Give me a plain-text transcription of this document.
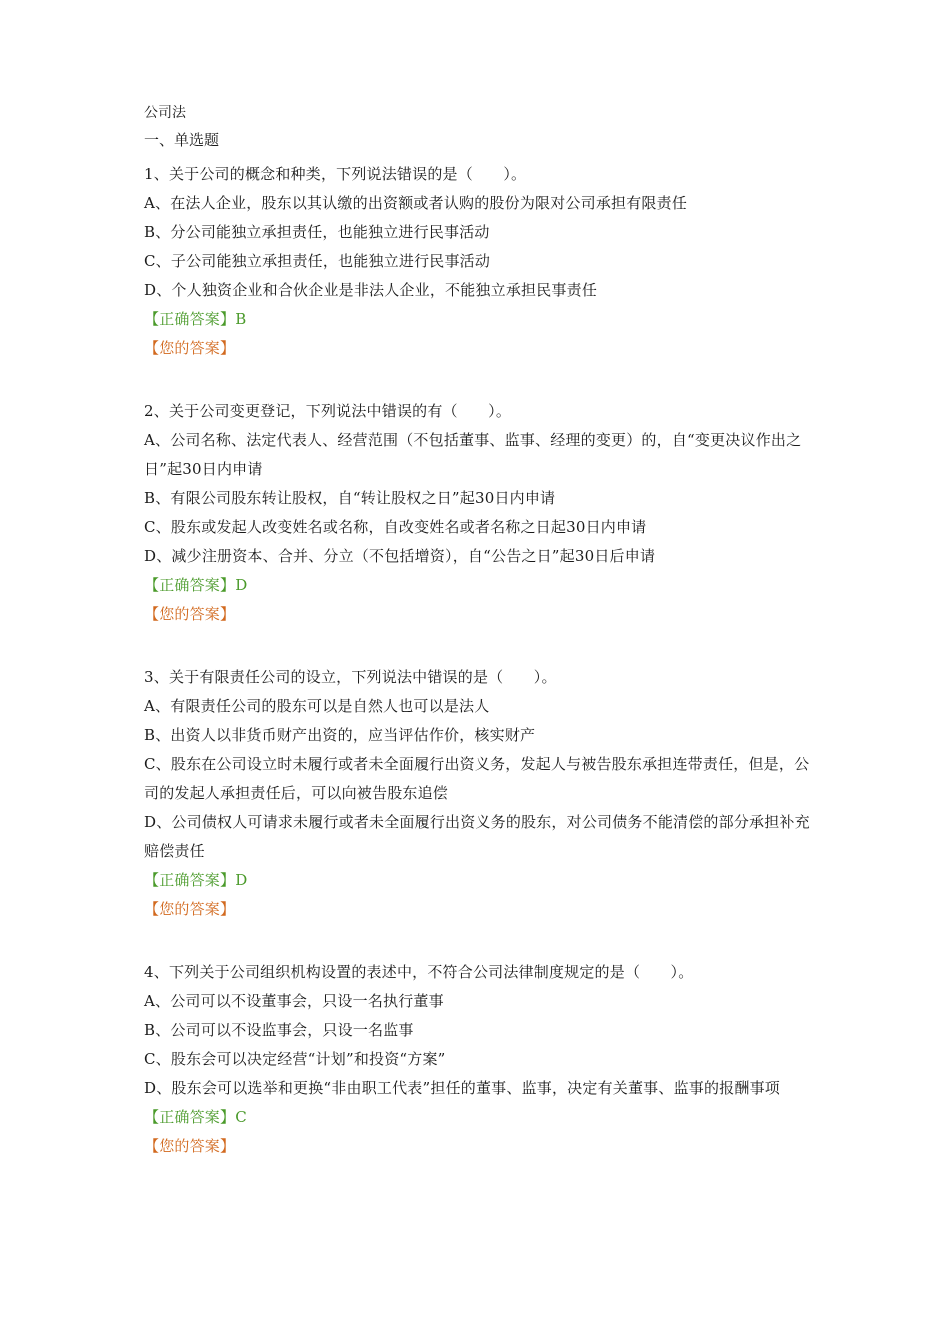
公司法
一、单选题
1、关于公司的概念和种类，下列说法错误的是（　　）。
A、在法人企业，股东以其认缴的出资额或者认购的股份为限对公司承担有限责任
B、分公司能独立承担责任，也能独立进行民事活动
C、子公司能独立承担责任，也能独立进行民事活动
D、个人独资企业和合伙企业是非法人企业，不能独立承担民事责任
【正确答案】B
【您的答案】
2、关于公司变更登记，下列说法中错误的有（　　）。
A、公司名称、法定代表人、经营范围（不包括董事、监事、经理的变更）的，自“变更决议作出之日”起30日内申请
B、有限公司股东转让股权，自“转让股权之日”起30日内申请
C、股东或发起人改变姓名或名称，自改变姓名或者名称之日起30日内申请
D、减少注册资本、合并、分立（不包括增资），自“公告之日”起30日后申请
【正确答案】D
【您的答案】
3、关于有限责任公司的设立，下列说法中错误的是（　　）。
A、有限责任公司的股东可以是自然人也可以是法人
B、出资人以非货币财产出资的，应当评估作价，核实财产
C、股东在公司设立时未履行或者未全面履行出资义务，发起人与被告股东承担连带责任，但是，公司的发起人承担责任后，可以向被告股东追偿
D、公司债权人可请求未履行或者未全面履行出资义务的股东，对公司债务不能清偿的部分承担补充赔偿责任
【正确答案】D
【您的答案】
4、下列关于公司组织机构设置的表述中，不符合公司法律制度规定的是（　　）。
A、公司可以不设董事会，只设一名执行董事
B、公司可以不设监事会，只设一名监事
C、股东会可以决定经营“计划”和投资“方案”
D、股东会可以选举和更换“非由职工代表”担任的董事、监事，决定有关董事、监事的报酬事项
【正确答案】C
【您的答案】
